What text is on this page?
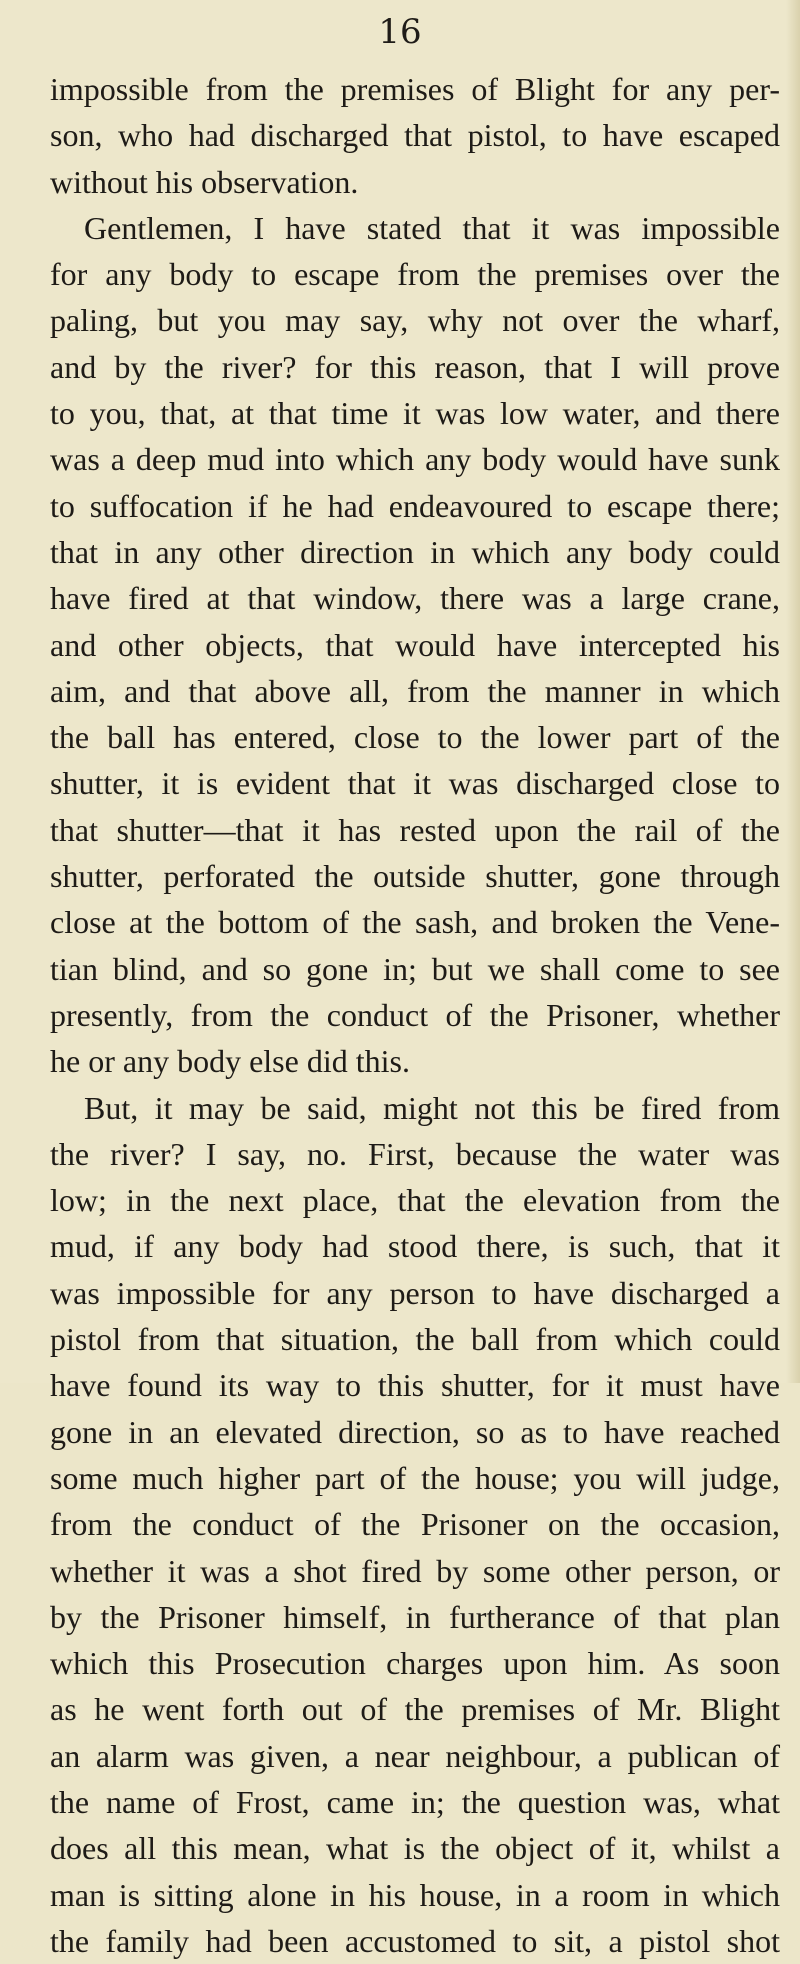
16

impossible from the premises of Blight for any per-
son, who had discharged that pistol, to have escaped
without his observation.
Gentlemen, I have stated that it was impossible
for any body to escape from the premises over the
paling, but you may say, why not over the wharf,
and by the river? for this reason, that I will prove
to you, that, at that time it was low water, and there
was a deep mud into which any body would have sunk
to suffocation if he had endeavoured to escape there;
that in any other direction in which any body could
have fired at that window, there was a large crane,
and other objects, that would have intercepted his
aim, and that above all, from the manner in which
the ball has entered, close to the lower part of the
shutter, it is evident that it was discharged close to
that shutter—that it has rested upon the rail of the
shutter, perforated the outside shutter, gone through
close at the bottom of the sash, and broken the Vene-
tian blind, and so gone in; but we shall come to see
presently, from the conduct of the Prisoner, whether
he or any body else did this.
But, it may be said, might not this be fired from
the river? I say, no. First, because the water was
low; in the next place, that the elevation from the
mud, if any body had stood there, is such, that it
was impossible for any person to have discharged a
pistol from that situation, the ball from which could
have found its way to this shutter, for it must have
gone in an elevated direction, so as to have reached
some much higher part of the house; you will judge,
from the conduct of the Prisoner on the occasion,
whether it was a shot fired by some other person, or
by the Prisoner himself, in furtherance of that plan
which this Prosecution charges upon him. As soon
as he went forth out of the premises of Mr. Blight
an alarm was given, a near neighbour, a publican of
the name of Frost, came in; the question was, what
does all this mean, what is the object of it, whilst a
man is sitting alone in his house, in a room in which
the family had been accustomed to sit, a pistol shot
